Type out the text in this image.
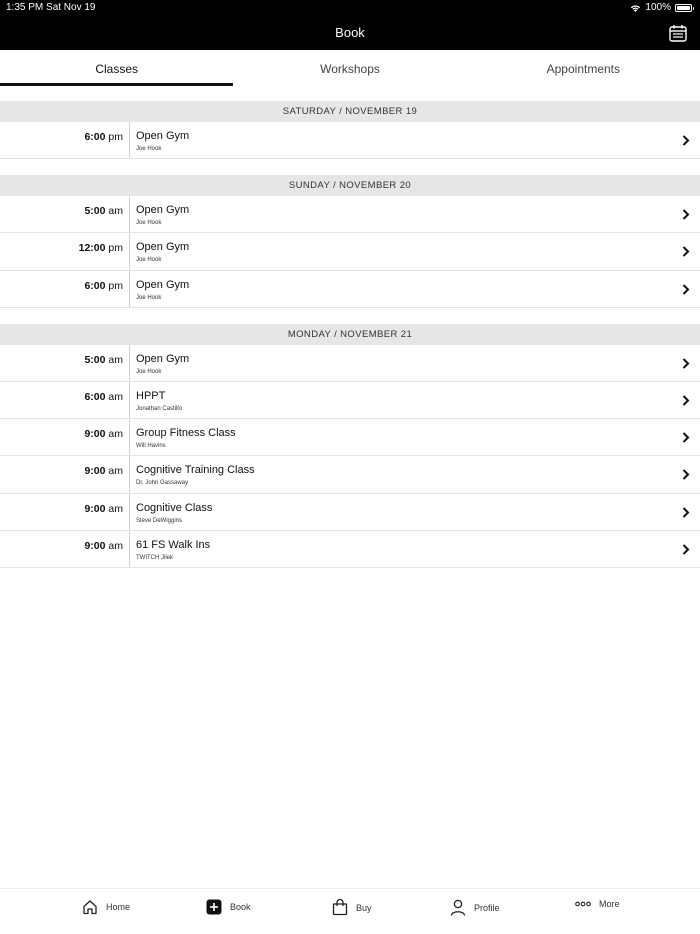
1:35 PM Sat Nov 19	100%
Book
Classes	Workshops	Appointments
SATURDAY / NOVEMBER 19
6:00 pm	Open Gym
Joe Hook
SUNDAY / NOVEMBER 20
5:00 am	Open Gym
Joe Hook
12:00 pm	Open Gym
Joe Hook
6:00 pm	Open Gym
Joe Hook
MONDAY / NOVEMBER 21
5:00 am	Open Gym
Joe Hook
6:00 am	HPPT
Jonathan Castillo
9:00 am	Group Fitness Class
Will Havins
9:00 am	Cognitive Training Class
Dr. John Gassaway
9:00 am	Cognitive Class
Steve DeWiggins
9:00 am	61 FS Walk Ins
TWITCH Jilek
Home	Book	Buy	Profile	More
